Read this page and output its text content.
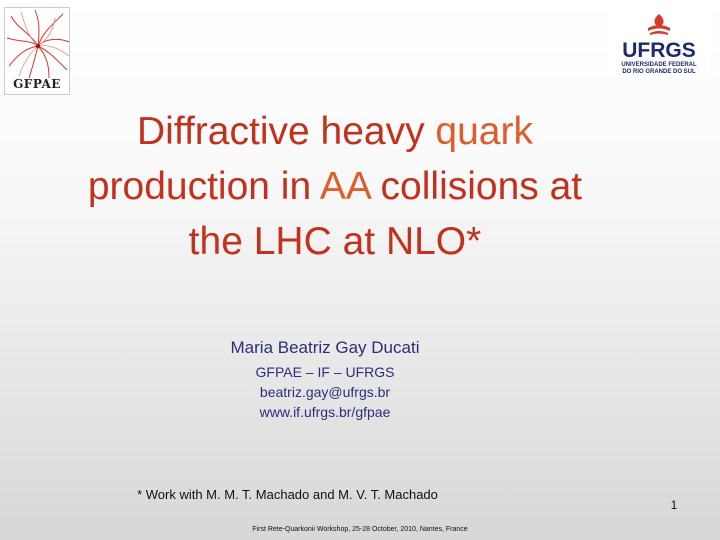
GFPAE
UFRGS
UNIVERSIDADE FEDERAL
DO RIO GRANDE DO SUL
Diffractive heavy quark
production in AA collisions at
the LHC at NLO*
Maria Beatriz Gay Ducati
GFPAE – IF – UFRGS
beatriz.gay@ufrgs.br
www.if.ufrgs.br/gfpae
* Work with M. M. T. Machado and M. V. T. Machado
First Rete-Quarkonii Workshop, 25-28 October, 2010, Nantes, France
1
